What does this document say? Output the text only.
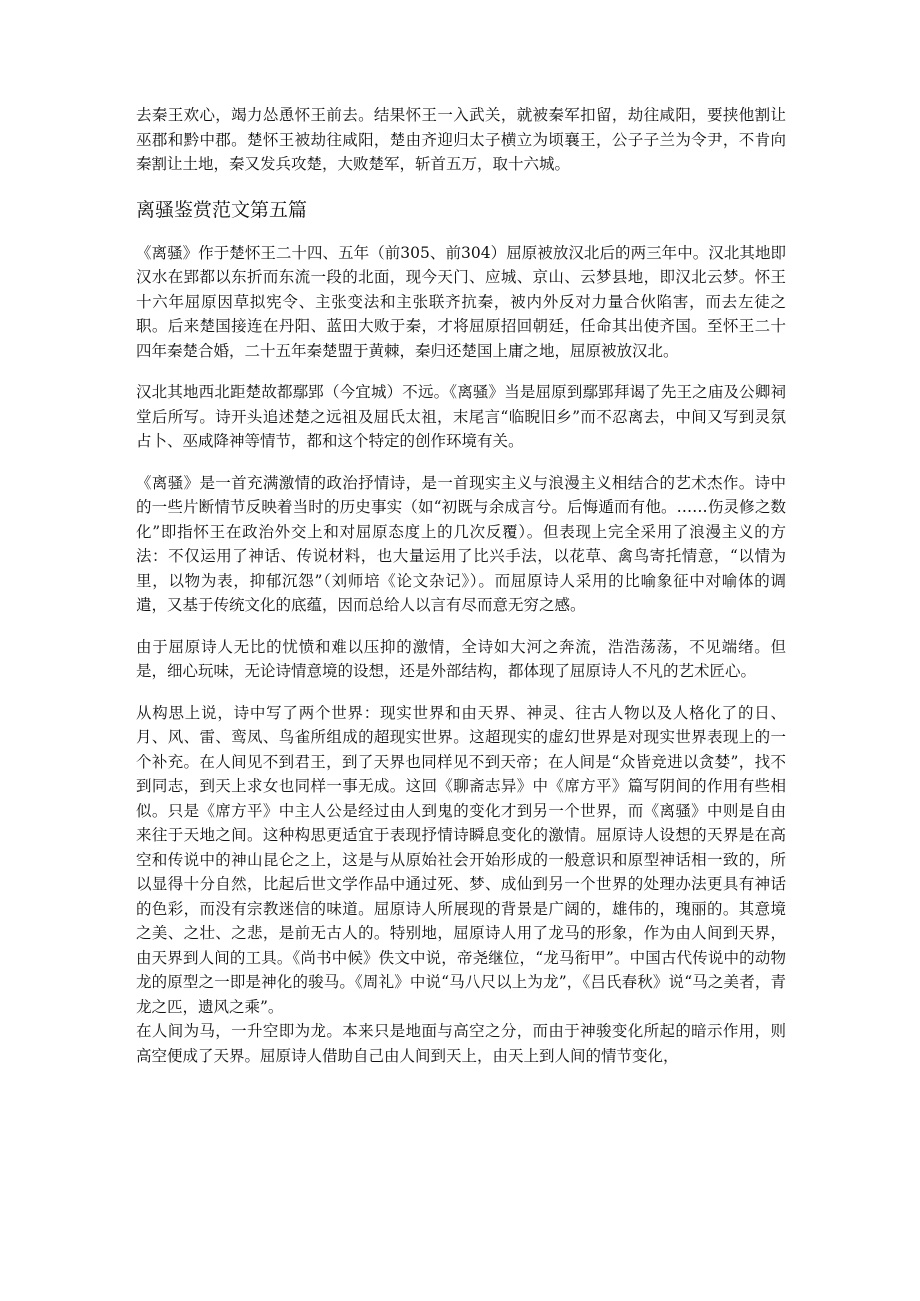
去秦王欢心，竭力怂恿怀王前去。结果怀王一入武关，就被秦军扣留，劫往咸阳，要挟他割让巫郡和黔中郡。楚怀王被劫往咸阳，楚由齐迎归太子横立为顷襄王，公子子兰为令尹，不肯向秦割让土地，秦又发兵攻楚，大败楚军，斩首五万，取十六城。

离骚鉴赏范文第五篇

《离骚》作于楚怀王二十四、五年（前305、前304）屈原被放汉北后的两三年中。汉北其地即汉水在郢都以东折而东流一段的北面，现今天门、应城、京山、云梦县地，即汉北云梦。怀王十六年屈原因草拟宪令、主张变法和主张联齐抗秦，被内外反对力量合伙陷害，而去左徒之职。后来楚国接连在丹阳、蓝田大败于秦，才将屈原招回朝廷，任命其出使齐国。至怀王二十四年秦楚合婚，二十五年秦楚盟于黄棘，秦归还楚国上庸之地，屈原被放汉北。

汉北其地西北距楚故都鄢郢（今宜城）不远。《离骚》当是屈原到鄢郢拜谒了先王之庙及公卿祠堂后所写。诗开头追述楚之远祖及屈氏太祖，末尾言“临睨旧乡”而不忍离去，中间又写到灵氛占卜、巫咸降神等情节，都和这个特定的创作环境有关。

《离骚》是一首充满激情的政治抒情诗，是一首现实主义与浪漫主义相结合的艺术杰作。诗中的一些片断情节反映着当时的历史事实（如“初既与余成言兮。后悔遁而有他。……伤灵修之数化”即指怀王在政治外交上和对屈原态度上的几次反覆）。但表现上完全采用了浪漫主义的方法：不仅运用了神话、传说材料，也大量运用了比兴手法，以花草、禽鸟寄托情意，“以情为里，以物为表，抑郁沉怨”（刘师培《论文杂记》）。而屈原诗人采用的比喻象征中对喻体的调遣，又基于传统文化的底蕴，因而总给人以言有尽而意无穷之感。

由于屈原诗人无比的忧愤和难以压抑的激情，全诗如大河之奔流，浩浩荡荡，不见端绪。但是，细心玩味，无论诗情意境的设想，还是外部结构，都体现了屈原诗人不凡的艺术匠心。

从构思上说，诗中写了两个世界：现实世界和由天界、神灵、往古人物以及人格化了的日、月、风、雷、鸾凤、鸟雀所组成的超现实世界。这超现实的虚幻世界是对现实世界表现上的一个补充。在人间见不到君王，到了天界也同样见不到天帝；在人间是“众皆竞进以贪婪”，找不到同志，到天上求女也同样一事无成。这回《聊斋志异》中《席方平》篇写阴间的作用有些相似。只是《席方平》中主人公是经过由人到鬼的变化才到另一个世界，而《离骚》中则是自由来往于天地之间。这种构思更适宜于表现抒情诗瞬息变化的激情。屈原诗人设想的天界是在高空和传说中的神山昆仑之上，这是与从原始社会开始形成的一般意识和原型神话相一致的，所以显得十分自然，比起后世文学作品中通过死、梦、成仙到另一个世界的处理办法更具有神话的色彩，而没有宗教迷信的味道。屈原诗人所展现的背景是广阔的，雄伟的，瑰丽的。其意境之美、之壮、之悲，是前无古人的。特别地，屈原诗人用了龙马的形象，作为由人间到天界，由天界到人间的工具。《尚书中候》佚文中说，帝尧继位，“龙马衔甲”。中国古代传说中的动物龙的原型之一即是神化的骏马。《周礼》中说“马八尺以上为龙”，《吕氏春秋》说“马之美者，青龙之匹，遗风之乘”。

在人间为马，一升空即为龙。本来只是地面与高空之分，而由于神骏变化所起的暗示作用，则高空便成了天界。屈原诗人借助自己由人间到天上，由天上到人间的情节变化，
